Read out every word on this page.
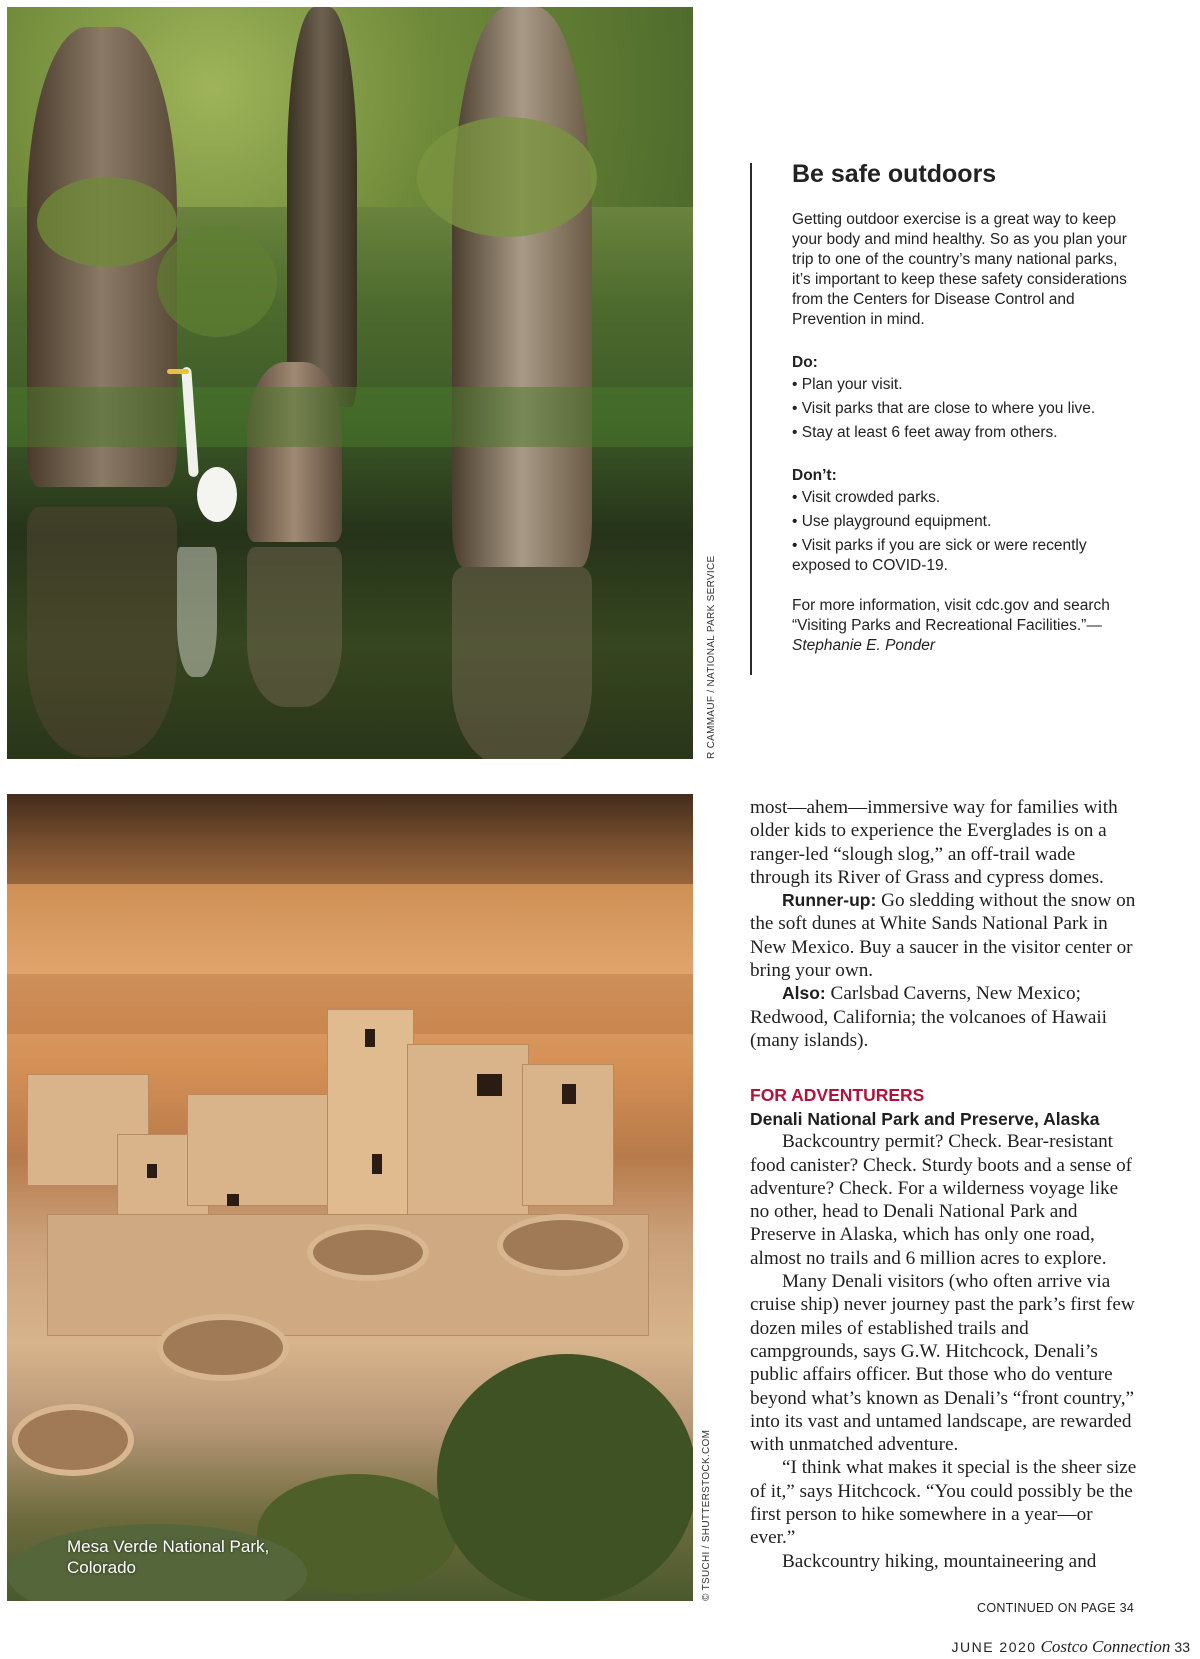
R CAMMAUF / NATIONAL PARK SERVICE
Be safe outdoors

Getting outdoor exercise is a great way to keep your body and mind healthy. So as you plan your trip to one of the country’s many national parks, it’s important to keep these safety considerations from the Centers for Disease Control and Prevention in mind.

Do:

• Plan your visit.
• Visit parks that are close to where you live.
• Stay at least 6 feet away from others.

Don’t:

• Visit crowded parks.
• Use playground equipment.
• Visit parks if you are sick or were recently exposed to COVID-19.

For more information, visit cdc.gov and search “Visiting Parks and Recreational Facilities.”—Stephanie E. Ponder

© TSUCHI / SHUTTERSTOCK.COM
Mesa Verde National Park, Colorado

most—ahem—immersive way for families with older kids to experience the Everglades is on a ranger-led “slough slog,” an off-trail wade through its River of Grass and cypress domes.

Runner-up: Go sledding without the snow on the soft dunes at White Sands National Park in New Mexico. Buy a saucer in the visitor center or bring your own.

Also: Carlsbad Caverns, New Mexico; Redwood, California; the volcanoes of Hawaii (many islands).

FOR ADVENTURERS

Denali National Park and Preserve, Alaska

Backcountry permit? Check. Bear-resistant food canister? Check. Sturdy boots and a sense of adventure? Check. For a wilderness voyage like no other, head to Denali National Park and Preserve in Alaska, which has only one road, almost no trails and 6 million acres to explore.

Many Denali visitors (who often arrive via cruise ship) never journey past the park’s first few dozen miles of established trails and campgrounds, says G.W. Hitchcock, Denali’s public affairs officer. But those who do venture beyond what’s known as Denali’s “front country,” into its vast and untamed landscape, are rewarded with unmatched adventure.

“I think what makes it special is the sheer size of it,” says Hitchcock. “You could possibly be the first person to hike somewhere in a year—or ever.”

Backcountry hiking, mountaineering and

CONTINUED ON PAGE 34
JUNE 2020 Costco Connection 33
